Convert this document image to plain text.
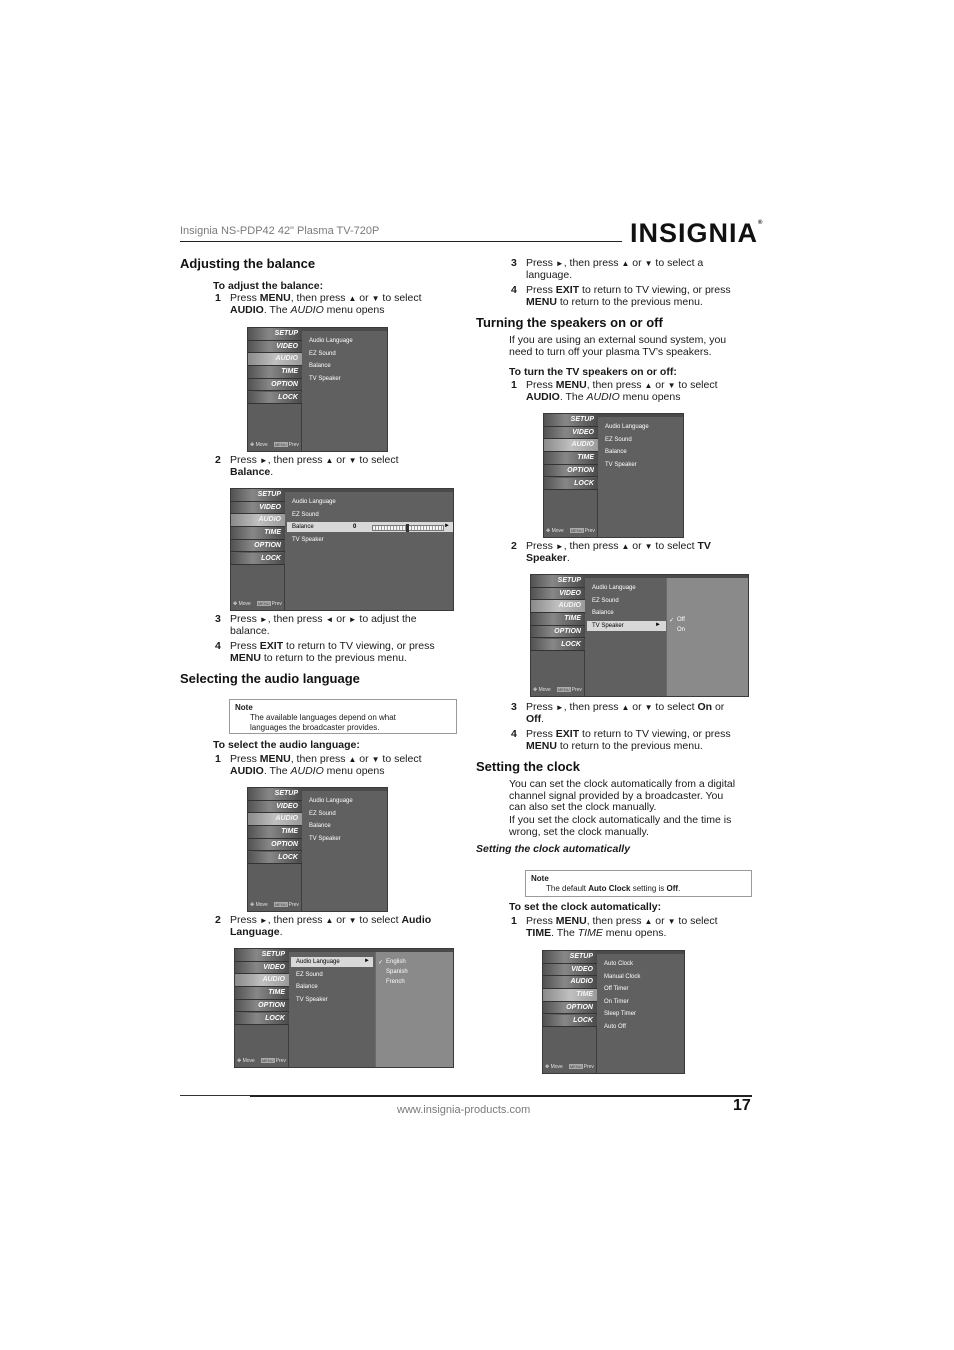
Insignia NS-PDP42 42" Plasma TV-720P	INSIGNIA®
Adjusting the balance
To adjust the balance:
1 Press MENU, then press ▲ or ▼ to select
AUDIO. The AUDIO menu opens
SETUP
VIDEO
AUDIO
TIME
OPTION
LOCK
✥ Move MENU Prev
Audio Language
EZ Sound
Balance
TV Speaker
2 Press ►, then press ▲ or ▼ to select
Balance.
SETUP
VIDEO
AUDIO
TIME
OPTION
LOCK
✥ Move MENU Prev
Audio Language
EZ Sound
Balance
TV Speaker
0	►
3 Press ►, then press ◄ or ► to adjust the
balance.
4 Press EXIT to return to TV viewing, or press
MENU to return to the previous menu.
Selecting the audio language
Note
The available languages depend on what
languages the broadcaster provides.
To select the audio language:
1 Press MENU, then press ▲ or ▼ to select
AUDIO. The AUDIO menu opens
SETUP
VIDEO
AUDIO
TIME
OPTION
LOCK
✥ Move MENU Prev
Audio Language
EZ Sound
Balance
TV Speaker
2 Press ►, then press ▲ or ▼ to select Audio
Language.
SETUP
VIDEO
AUDIO
TIME
OPTION
LOCK
✥ Move MENU Prev
Audio Language
EZ Sound
Balance
TV Speaker
► ✓ English
Spanish
French
3 Press ►, then press ▲ or ▼ to select a
language.
4 Press EXIT to return to TV viewing, or press
MENU to return to the previous menu.
Turning the speakers on or off
If you are using an external sound system, you
need to turn off your plasma TV’s speakers.
To turn the TV speakers on or off:
1 Press MENU, then press ▲ or ▼ to select
AUDIO. The AUDIO menu opens
SETUP
VIDEO
AUDIO
TIME
OPTION
LOCK
✥ Move MENU Prev
Audio Language
EZ Sound
Balance
TV Speaker
2 Press ►, then press ▲ or ▼ to select TV
Speaker.
SETUP
VIDEO
AUDIO
TIME
OPTION
LOCK
✥ Move MENU Prev
Audio Language
EZ Sound
Balance
TV Speaker	►
✓ Off
On
3 Press ►, then press ▲ or ▼ to select On or
Off.
4 Press EXIT to return to TV viewing, or press
MENU to return to the previous menu.
Setting the clock
You can set the clock automatically from a digital
channel signal provided by a broadcaster. You
can also set the clock manually.
If you set the clock automatically and the time is
wrong, set the clock manually.
Setting the clock automatically
Note
The default Auto Clock setting is Off.
To set the clock automatically:
1 Press MENU, then press ▲ or ▼ to select
TIME. The TIME menu opens.
SETUP
VIDEO
AUDIO
TIME
OPTION
LOCK
✥ Move MENU Prev
Auto Clock
Manual Clock
Off Timer
On Timer
Sleep Timer
Auto Off
www.insignia-products.com	17
